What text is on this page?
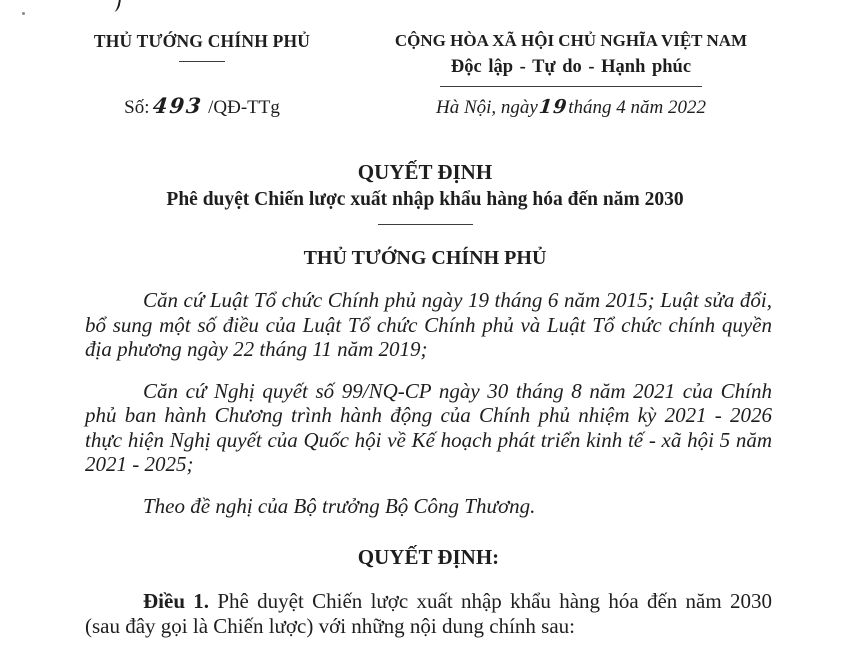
THỦ TƯỚNG CHÍNH PHỦ
Số:493 /QĐ-TTg
CỘNG HÒA XÃ HỘI CHỦ NGHĨA VIỆT NAM
Độc lập - Tự do - Hạnh phúc
Hà Nội, ngày19tháng 4 năm 2022
QUYẾT ĐỊNH
Phê duyệt Chiến lược xuất nhập khẩu hàng hóa đến năm 2030
THỦ TƯỚNG CHÍNH PHỦ

Căn cứ Luật Tổ chức Chính phủ ngày 19 tháng 6 năm 2015; Luật sửa đổi, bổ sung một số điều của Luật Tổ chức Chính phủ và Luật Tổ chức chính quyền địa phương ngày 22 tháng 11 năm 2019;

Căn cứ Nghị quyết số 99/NQ-CP ngày 30 tháng 8 năm 2021 của Chính phủ ban hành Chương trình hành động của Chính phủ nhiệm kỳ 2021 - 2026 thực hiện Nghị quyết của Quốc hội về Kế hoạch phát triển kinh tế - xã hội 5 năm 2021 - 2025;

Theo đề nghị của Bộ trưởng Bộ Công Thương.

QUYẾT ĐỊNH:

Điều 1. Phê duyệt Chiến lược xuất nhập khẩu hàng hóa đến năm 2030 (sau đây gọi là Chiến lược) với những nội dung chính sau:
